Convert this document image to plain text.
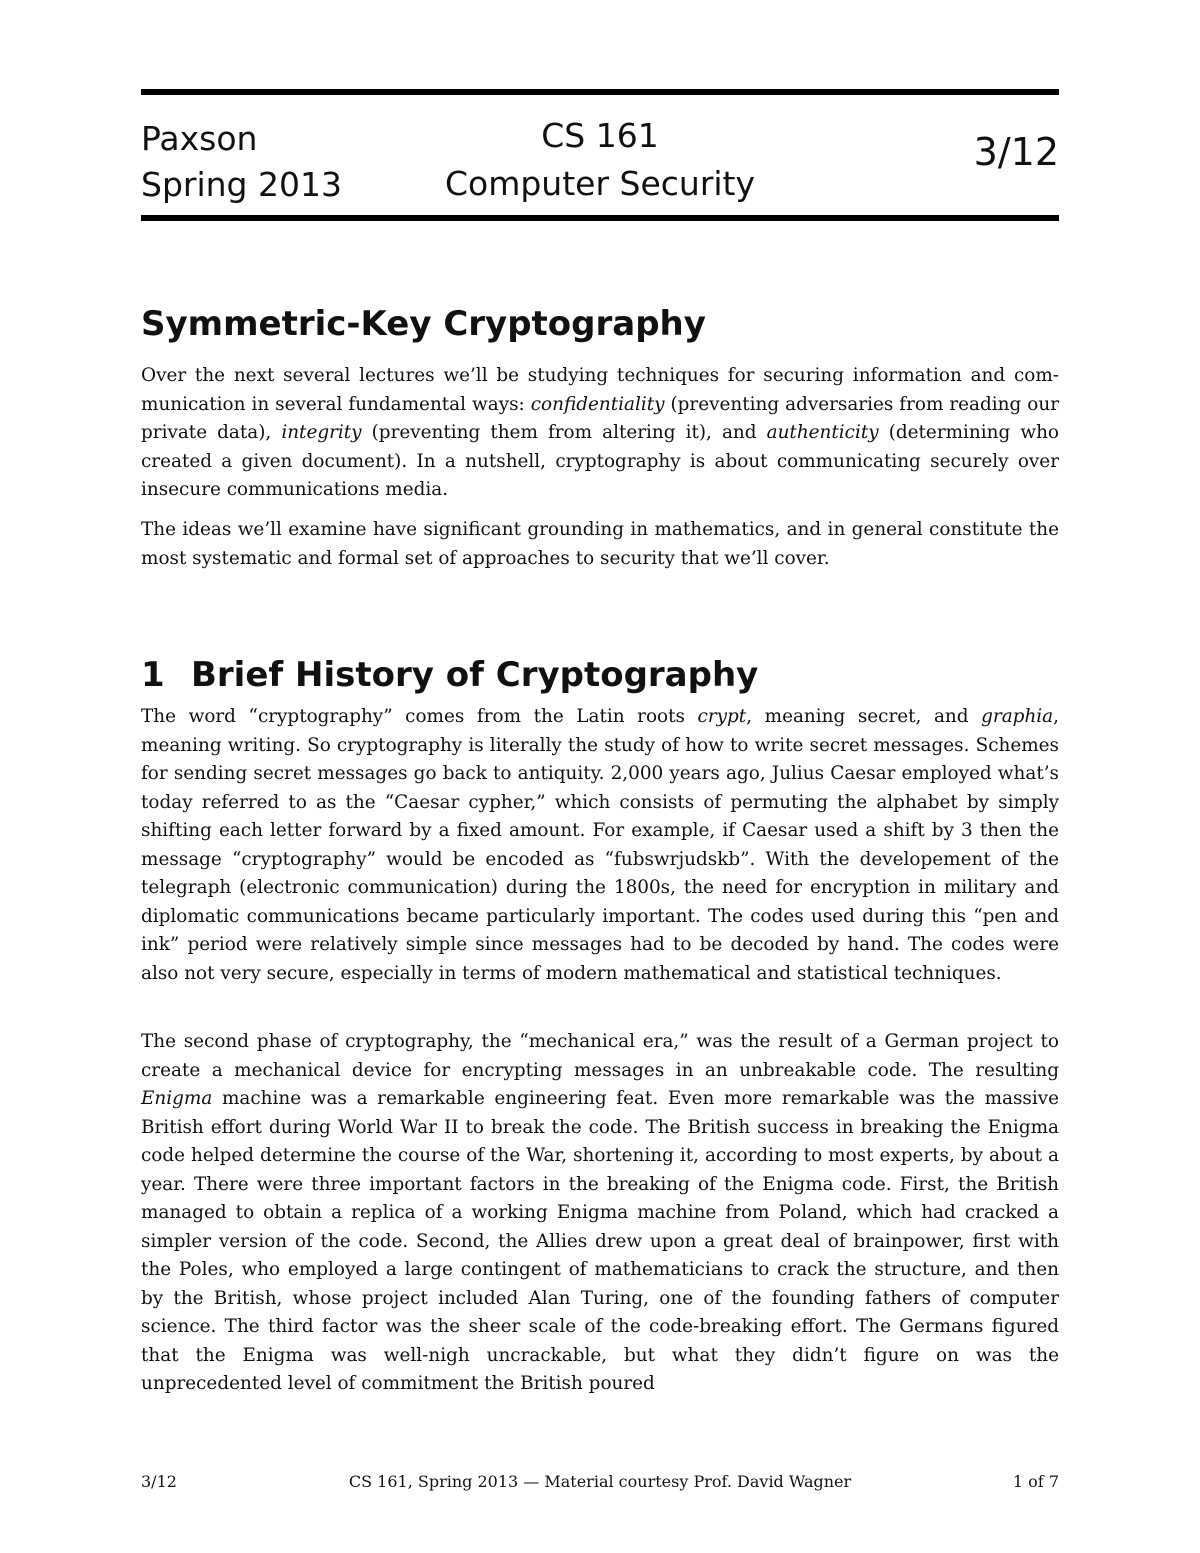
Paxson
Spring 2013
CS 161
Computer Security
3/12
Symmetric-Key Cryptography

Over the next several lectures we’ll be studying techniques for securing information and communication in several fundamental ways: confidentiality (preventing adversaries from reading our private data), integrity (preventing them from altering it), and authenticity (determining who created a given document). In a nutshell, cryptography is about communicating securely over insecure communications media.

The ideas we’ll examine have significant grounding in mathematics, and in general constitute the most systematic and formal set of approaches to security that we’ll cover.

1 Brief History of Cryptography

The word “cryptography” comes from the Latin roots crypt, meaning secret, and graphia, meaning writing. So cryptography is literally the study of how to write secret messages. Schemes for sending secret messages go back to antiquity. 2,000 years ago, Julius Caesar employed what’s today referred to as the “Caesar cypher,” which consists of permuting the alphabet by simply shifting each letter forward by a fixed amount. For example, if Caesar used a shift by 3 then the message “cryptography” would be encoded as “fubswrjudskb”. With the developement of the telegraph (electronic communication) during the 1800s, the need for encryption in military and diplomatic communications became particularly important. The codes used during this “pen and ink” period were relatively simple since messages had to be decoded by hand. The codes were also not very secure, especially in terms of modern mathematical and statistical techniques.

The second phase of cryptography, the “mechanical era,” was the result of a German project to create a mechanical device for encrypting messages in an unbreakable code. The resulting Enigma machine was a remarkable engineering feat. Even more remarkable was the massive British effort during World War II to break the code. The British success in breaking the Enigma code helped determine the course of the War, shortening it, according to most experts, by about a year. There were three important factors in the breaking of the Enigma code. First, the British managed to obtain a replica of a working Enigma machine from Poland, which had cracked a simpler version of the code. Second, the Allies drew upon a great deal of brainpower, first with the Poles, who employed a large contingent of mathematicians to crack the structure, and then by the British, whose project included Alan Turing, one of the founding fathers of computer science. The third factor was the sheer scale of the code-breaking effort. The Germans figured that the Enigma was well-nigh uncrackable, but what they didn’t figure on was the unprecedented level of commitment the British poured

3/12	CS 161, Spring 2013 — Material courtesy Prof. David Wagner	1 of 7
